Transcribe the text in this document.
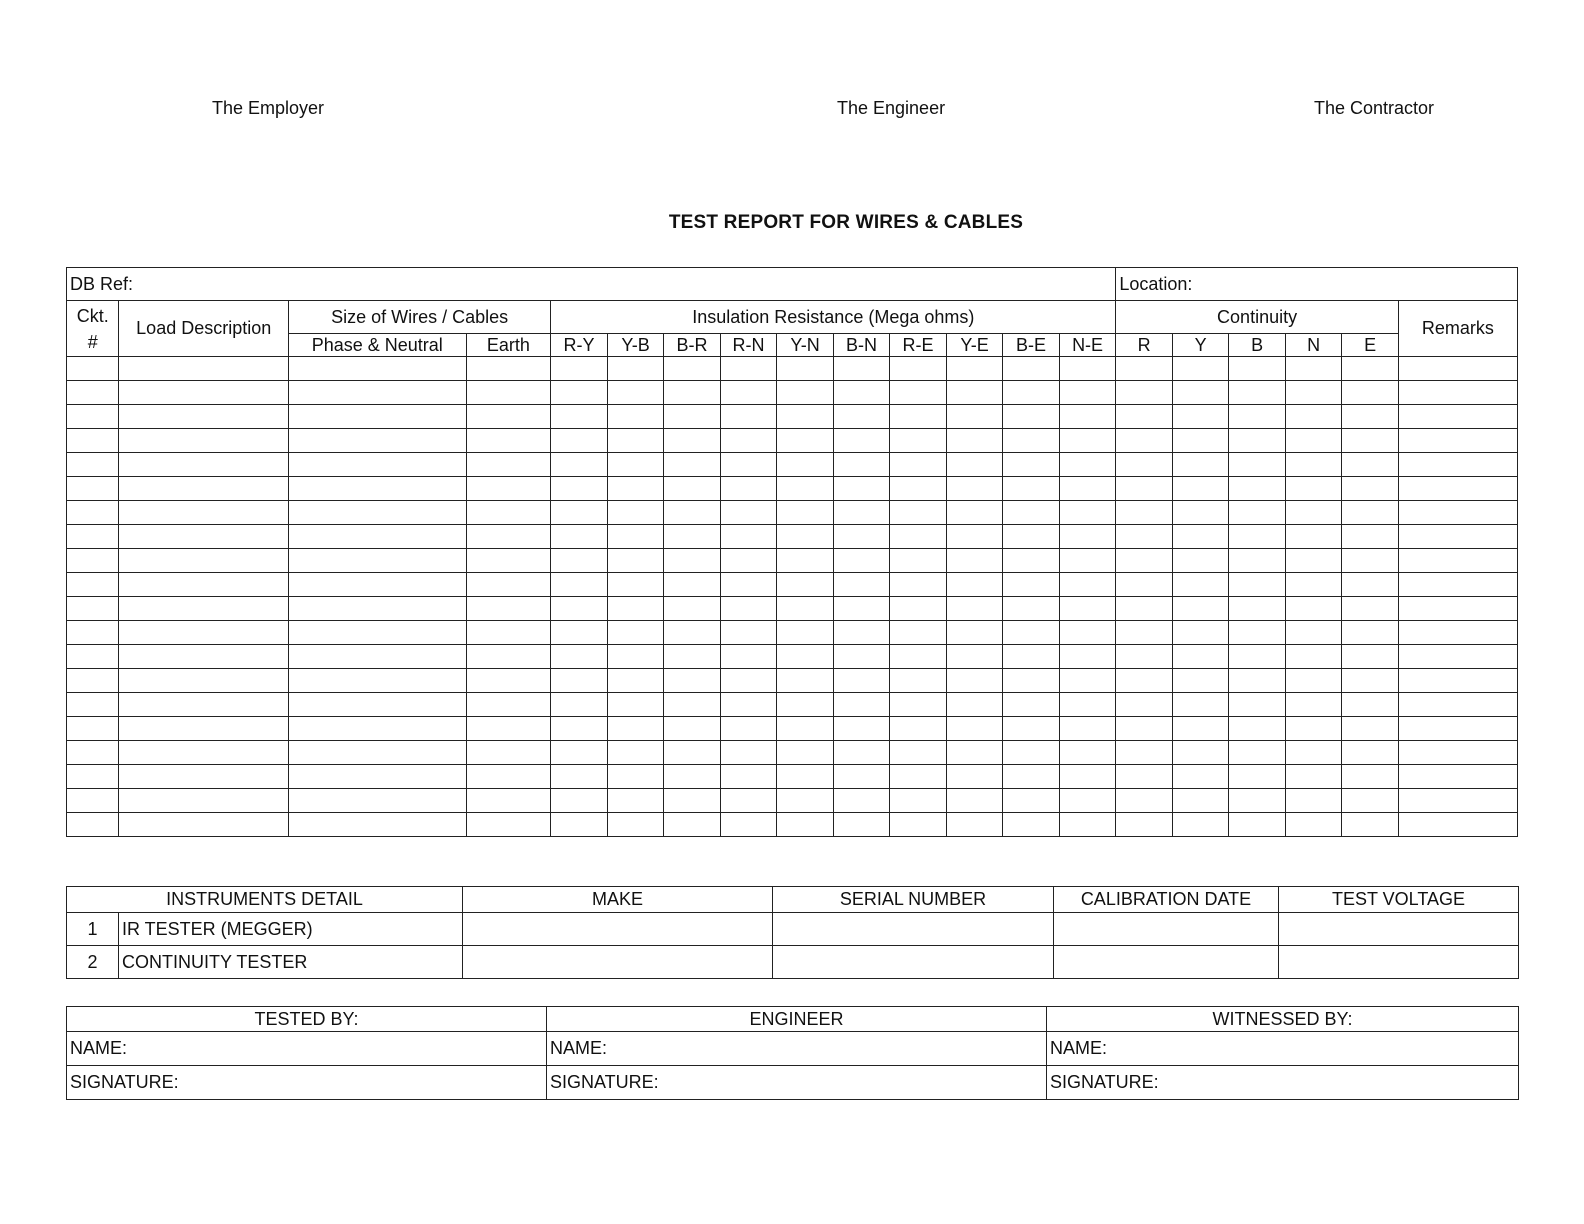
The Employer	The Engineer	The Contractor
TEST REPORT FOR WIRES & CABLES
DB Ref:														Location:					
Ckt. #	Load Description	Size of Wires / Cables		Insulation Resistance (Mega ohms)										Continuity					Remarks
		Phase & Neutral	Earth	R-Y	Y-B	B-R	R-N	Y-N	B-N	R-E	Y-E	B-E	N-E	R	Y	B	N	E	

INSTRUMENTS DETAIL		MAKE	SERIAL NUMBER	CALIBRATION DATE	TEST VOLTAGE
1	IR TESTER (MEGGER)				
2	CONTINUITY TESTER				
TESTED BY:	ENGINEER	WITNESSED BY:
NAME:	NAME:	NAME:
SIGNATURE:	SIGNATURE:	SIGNATURE:
